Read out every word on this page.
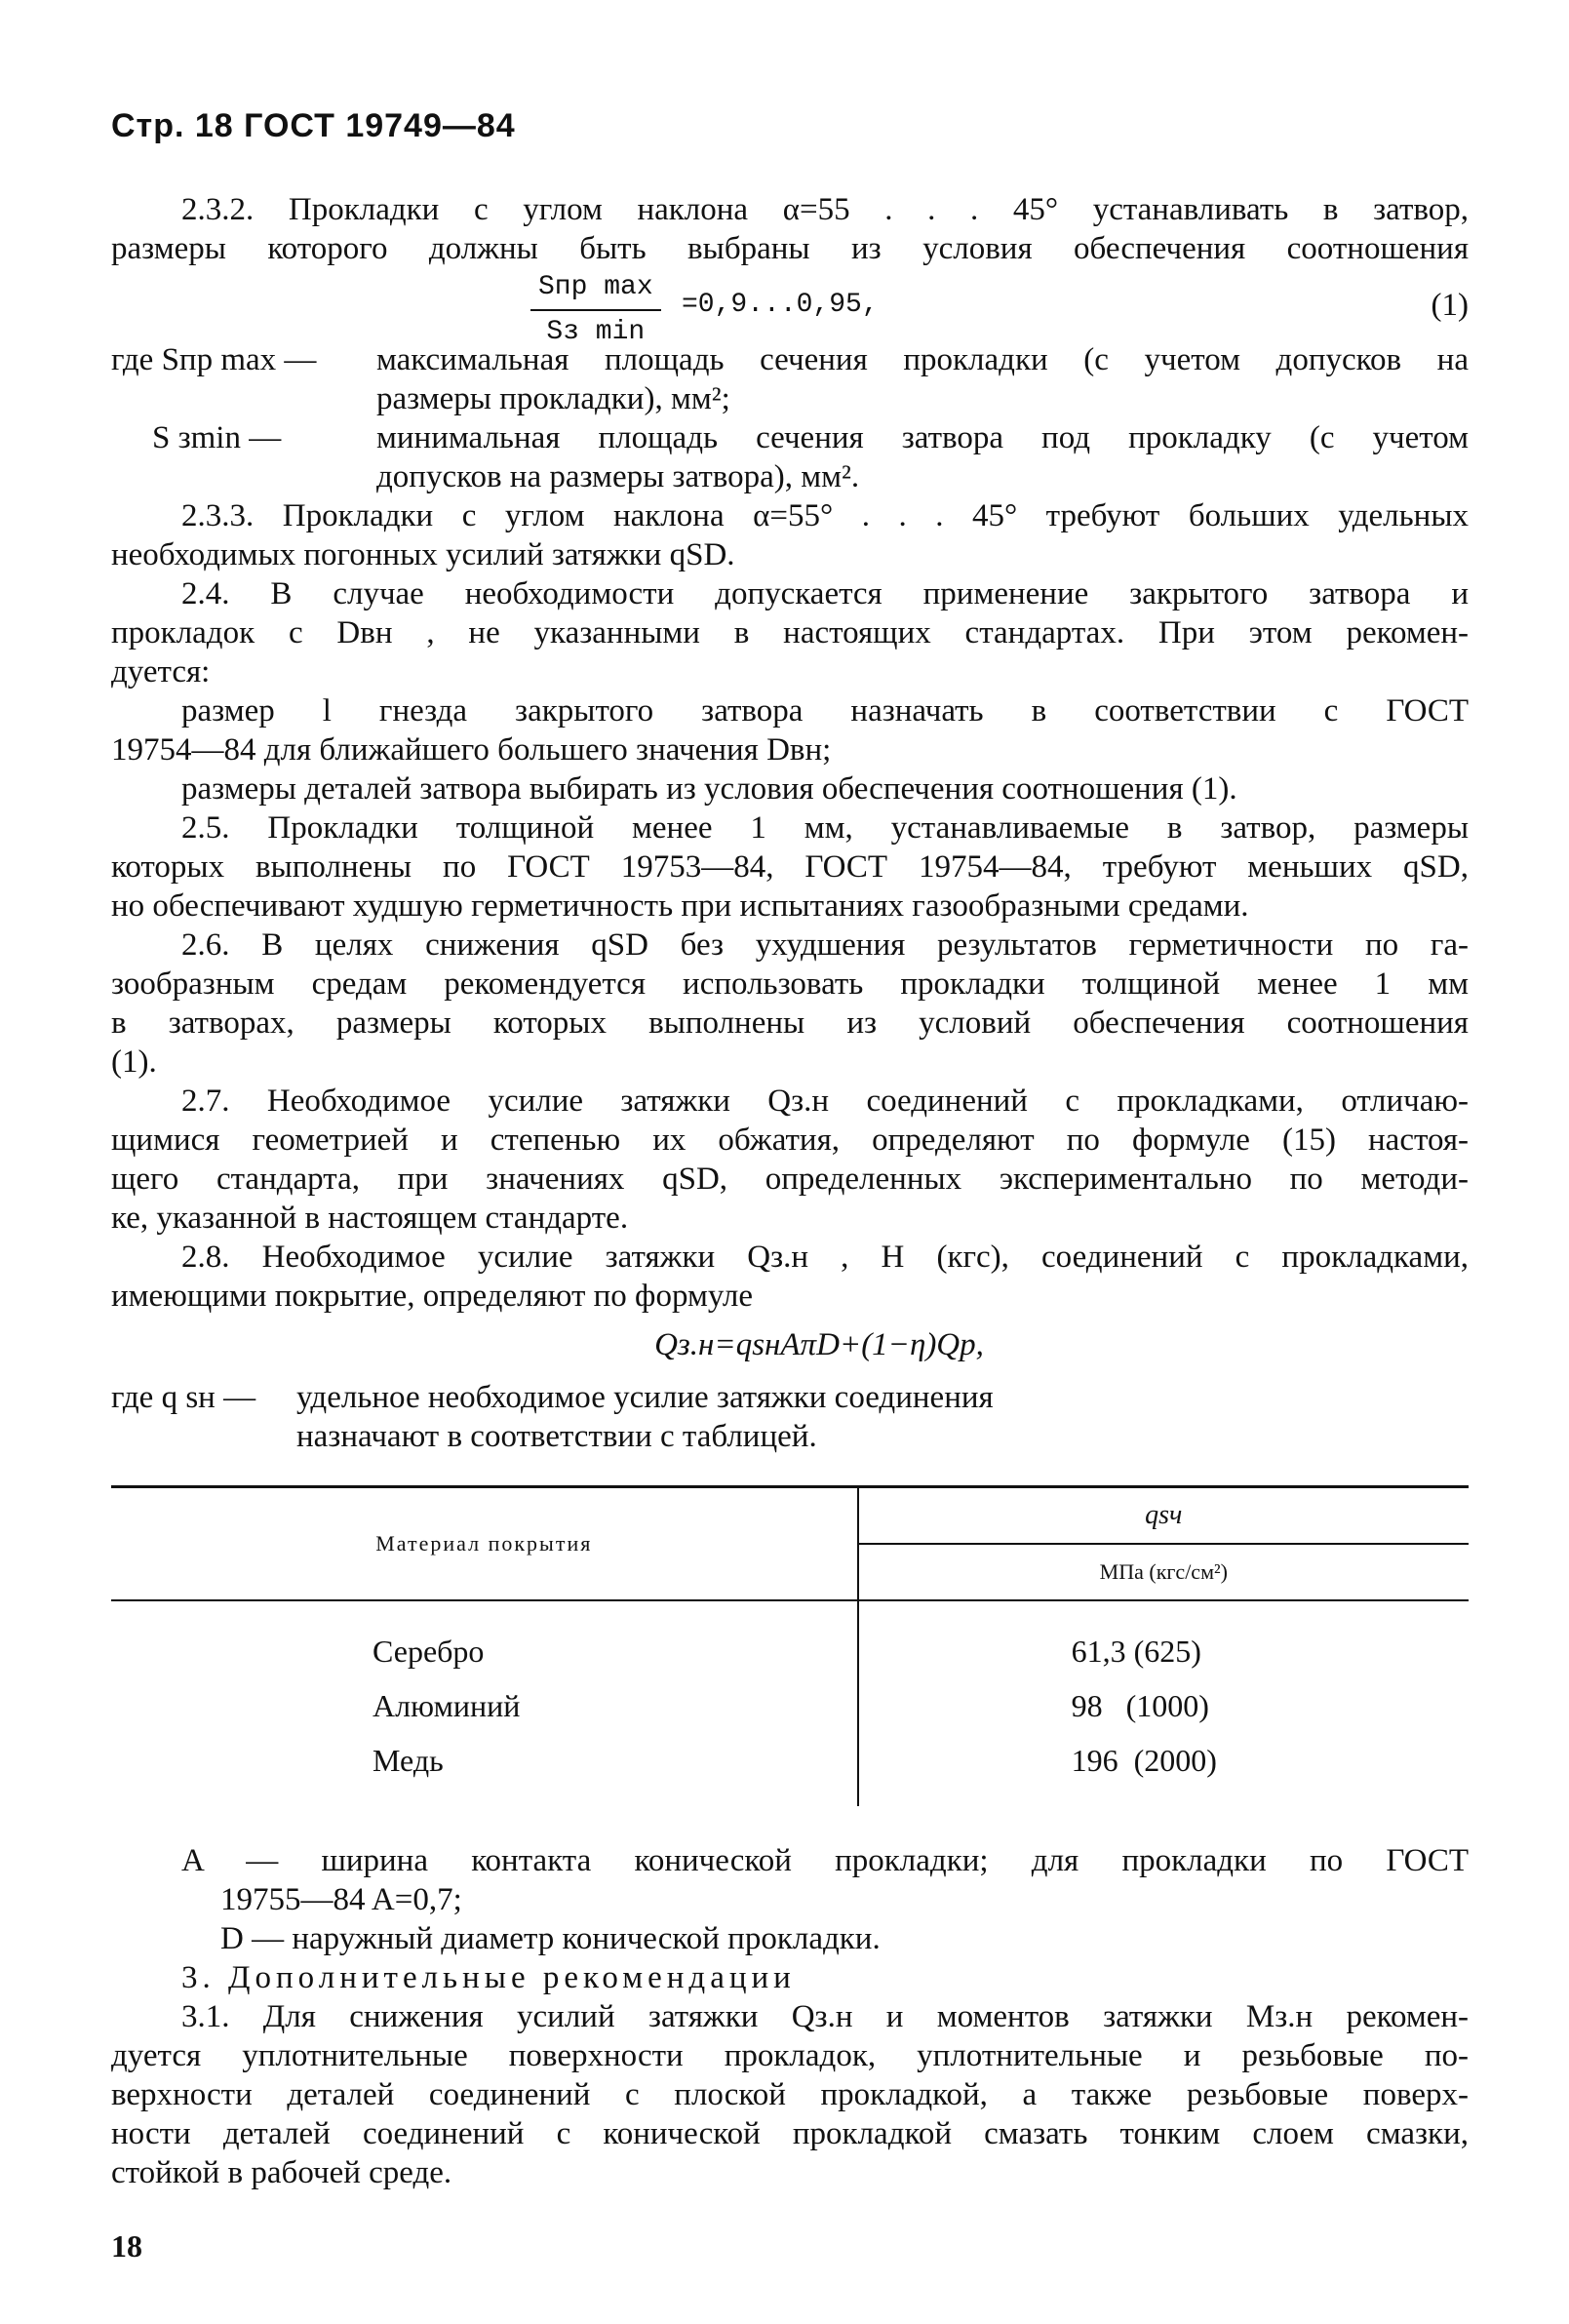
Стр. 18 ГОСТ 19749—84

2.3.2. Прокладки с углом наклона α=55 . . . 45° устанавливать в затвор,

размеры которого должны быть выбраны из условия обеспечения соотношения

Sпр max
Sз min
=0,9...0,95,	(1)
где Sпр max —	максимальная площадь сечения прокладки (с учетом допусков на

размеры прокладки), мм²;

S зmin —	минимальная площадь сечения затвора под прокладку (с учетом

допусков на размеры затвора), мм².

2.3.3. Прокладки с углом наклона α=55° . . . 45° требуют больших удельных

необходимых погонных усилий затяжки qSD.

2.4. В случае необходимости допускается применение закрытого затвора и

прокладок с Dвн , не указанными в настоящих стандартах. При этом рекомен-

дуется:

размер l гнезда закрытого затвора назначать в соответствии с ГОСТ

19754—84 для ближайшего большего значения Dвн;

размеры деталей затвора выбирать из условия обеспечения соотношения (1).

2.5. Прокладки толщиной менее 1 мм, устанавливаемые в затвор, размеры

которых выполнены по ГОСТ 19753—84, ГОСТ 19754—84, требуют меньших qSD,

но обеспечивают худшую герметичность при испытаниях газообразными средами.

2.6. В целях снижения qSD без ухудшения результатов герметичности по га-

зообразным средам рекомендуется использовать прокладки толщиной менее 1 мм

в затворах, размеры которых выполнены из условий обеспечения соотношения

(1).

2.7. Необходимое усилие затяжки Qз.н соединений с прокладками, отличаю-

щимися геометрией и степенью их обжатия, определяют по формуле (15) настоя-

щего стандарта, при значениях qSD, определенных экспериментально по методи-

ке, указанной в настоящем стандарте.

2.8. Необходимое усилие затяжки Qз.н , Н (кгс), соединений с прокладками,

имеющими покрытие, определяют по формуле

Qз.н=qsнAπD+(1−η)Qp,
где q sн —	удельное необходимое усилие затяжки соединения

назначают в соответствии с таблицей.

Материал покрытия	qsч
	МПа (кгс/см²)
Серебро	61,3 (625)
Алюминий	98   (1000)
Медь	196  (2000)

A — ширина контакта конической прокладки; для прокладки по ГОСТ

19755—84 A=0,7;

D — наружный диаметр конической прокладки.

3. Дополнительные рекомендации

3.1. Для снижения усилий затяжки Qз.н и моментов затяжки Mз.н рекомен-

дуется уплотнительные поверхности прокладок, уплотнительные и резьбовые по-

верхности деталей соединений с плоской прокладкой, а также резьбовые поверх-

ности деталей соединений с конической прокладкой смазать тонким слоем смазки,

стойкой в рабочей среде.

18
